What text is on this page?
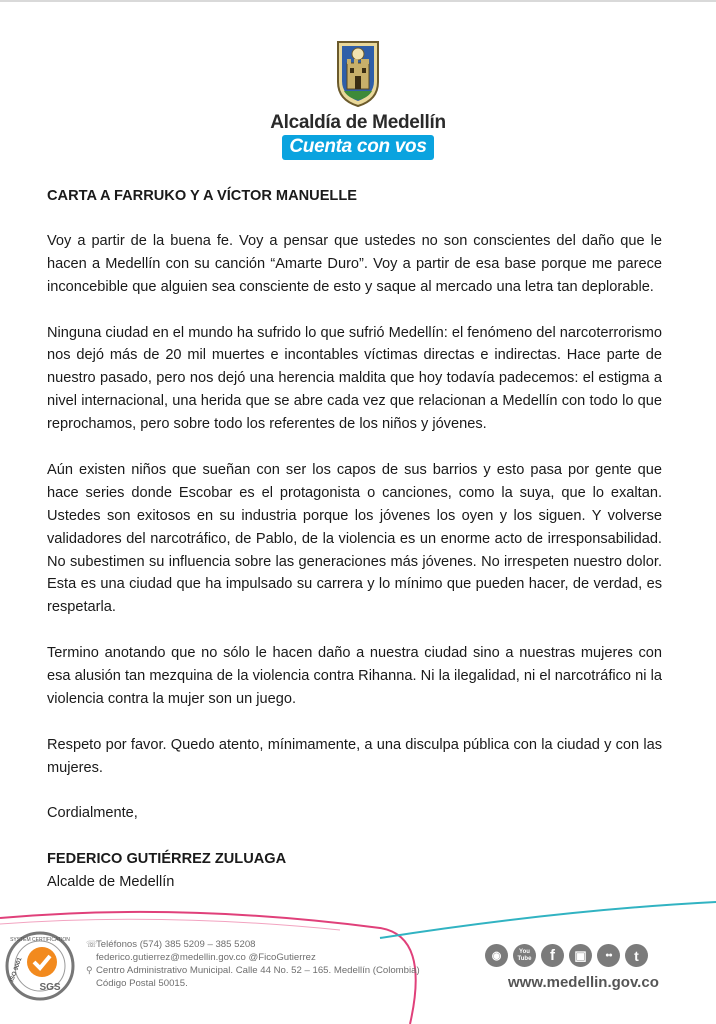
Alcaldía de Medellín
Cuenta con vos

CARTA A FARRUKO Y A VÍCTOR MANUELLE

Voy a partir de la buena fe. Voy a pensar que ustedes no son conscientes del daño que le hacen a Medellín con su canción “Amarte Duro”. Voy a partir de esa base porque me parece inconcebible que alguien sea consciente de esto y saque al mercado una letra tan deplorable.

Ninguna ciudad en el mundo ha sufrido lo que sufrió Medellín: el fenómeno del narcoterrorismo nos dejó más de 20 mil muertes e incontables víctimas directas e indirectas. Hace parte de nuestro pasado, pero nos dejó una herencia maldita que hoy todavía padecemos: el estigma a nivel internacional, una herida que se abre cada vez que relacionan a Medellín con todo lo que reprochamos, pero sobre todo los referentes de los niños y jóvenes.

Aún existen niños que sueñan con ser los capos de sus barrios y esto pasa por gente que hace series donde Escobar es el protagonista o canciones, como la suya, que lo exaltan. Ustedes son exitosos en su industria porque los jóvenes los oyen y los siguen. Y volverse validadores del narcotráfico, de Pablo, de la violencia es un enorme acto de irresponsabilidad. No subestimen su influencia sobre las generaciones más jóvenes. No irrespeten nuestro dolor. Esta es una ciudad que ha impulsado su carrera y lo mínimo que pueden hacer, de verdad, es respetarla.

Termino anotando que no sólo le hacen daño a nuestra ciudad sino a nuestras mujeres con esa alusión tan mezquina de la violencia contra Rihanna. Ni la ilegalidad, ni el narcotráfico ni la violencia contra la mujer son un juego.

Respeto por favor. Quedo atento, mínimamente, a una disculpa pública con la ciudad y con las mujeres.

Cordialmente,

FEDERICO GUTIÉRREZ ZULUAGA

Alcalde de Medellín

SYSTEM CERTIFICATION
ISO 9001
SGS
☏Teléfonos (574) 385 5209 – 385 5208
federico.gutierrez@medellin.gov.co @FicoGutierrez
⚲ Centro Administrativo Municipal. Calle 44 No. 52 – 165. Medellín (Colombia)
Código Postal 50015.
◉	You Tube	f	▣	●●	t
www.medellin.gov.co
